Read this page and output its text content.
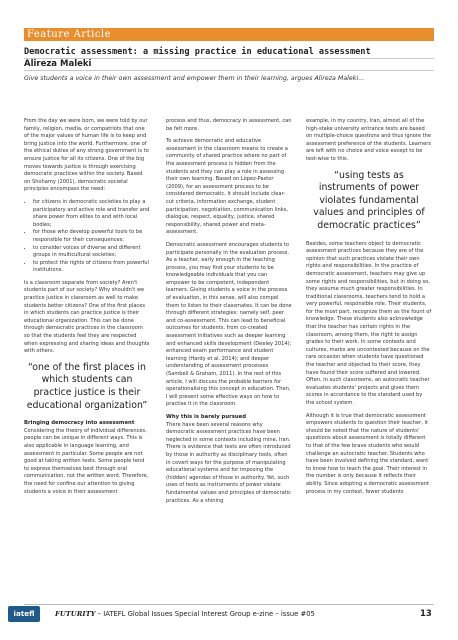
Feature Article
Democratic assessment: a missing practice in educational assessment
Alireza Maleki
Give students a voice in their own assessment and empower them in their learning, argues Alireza Maleki...

From the day we were born, we were told by our family, religion, media, or compatriots that one of the major values of human life is to keep and bring justice into the world. Furthermore, one of the ethical duties of any strong government is to ensure justice for all its citizens. One of the big moves towards justice is through exercising democratic practices within the society. Based on Shohamy (2001), democratic societal principles encompass the need:

• for citizens in democratic societies to play a participatory and active role and transfer and share power from elites to and with local bodies;
• for those who develop powerful tools to be responsible for their consequences;
• to consider voices of diverse and different groups in multicultural societies;
• to protect the rights of citizens from powerful institutions.

Is a classroom separate from society? Aren't students part of our society? Why shouldn't we practice justice in classroom as well to make students better citizens? One of the first places in which students can practice justice is their educational organization. This can be done through democratic practices in the classroom so that the students feel they are respected when expressing and sharing ideas and thoughts with others.

“one of the first places in which students can practice justice is their educational organization”
Bringing democracy into assessment

Considering the theory of individual differences, people can be unique in different ways. This is also applicable in language learning, and assessment in particular. Some people are not good at taking written tests. Some people tend to express themselves best through oral communication, not the written word. Therefore, the need for confine our attention to giving students a voice in their assessment

process and thus, democracy in assessment, can be felt more.

To achieve democratic and educative assessment in the classroom means to create a community of shared practice where no part of the assessment process is hidden from the students and they can play a role in assessing their own learning. Based on López-Pastor (2009), for an assessment process to be considered democratic, it should include clear-cut criteria, information exchange, student participation, negotiation, communication links, dialogue, respect, equality, justice, shared responsibility, shared power and meta-assessment.

Democratic assessment encourages students to participate personally in the evaluation process. As a teacher, early enough in the teaching process, you may find your students to be knowledgeable individuals that you can empower to be competent, independent learners. Giving students a voice in the process of evaluation, in this sense, will also compel them to listen to their classmates. It can be done through different strategies: namely self, peer and co-assessment. This can lead to beneficial outcomes for students, from co-created assessment initiatives such as deeper learning and enhanced skills development (Deeley 2014); enhanced exam performance and student learning (Hardy et al. 2014); and deeper understanding of assessment processes (Sambell & Graham, 2011). In the rest of this article, I will discuss the probable barriers for operationalising this concept in education. Then, I will present some effective ways on how to practise it in the classroom.

Why this is barely pursued

There have been several reasons why democratic assessment practices have been neglected in some contexts including mine, Iran. There is evidence that tests are often introduced by those in authority as disciplinary tools, often in covert ways for the purpose of manipulating educational systems and for imposing the (hidden) agendas of those in authority. Yet, such uses of tests as instruments of power violate fundamental values and principles of democratic practices. As a shining

example, in my country, Iran, almost all of the high-stake university entrance tests are based on multiple-choice questions and thus ignore the assessment preference of the students. Learners are left with no choice and voice except to be test-wise to this.

“using tests as instruments of power violates fundamental values and principles of democratic practices”

Besides, some teachers object to democratic assessment practices because they are of the opinion that such practices violate their own rights and responsibilities. In the practice of democratic assessment, teachers may give up some rights and responsibilities, but in doing so, they assume much greater responsibilities. In traditional classrooms, teachers tend to hold a very powerful, responsible role. Their students, for the most part, recognize them as the fount of knowledge. These students also acknowledge that the teacher has certain rights in the classroom, among them, the right to assign grades to their work. In some contexts and cultures, marks are uncontested because on the rare occasion when students have questioned the teacher and objected to their score, they have found their score suffered and lowered. Often, in such classrooms, an autocratic teacher evaluates students' projects and gives them scores in accordance to the standard used by the school system.

Although it is true that democratic assessment empowers students to question their teacher, it should be noted that the nature of students' questions about assessment is totally different to that of the few brave students who would challenge an autocratic teacher. Students who have been involved defining the standard, want to know how to reach the goal. Their interest in the number is only because it reflects their ability. Since adopting a democratic assessment process in my context, fewer students

iatefl	FUTURITY – IATEFL Global Issues Special Interest Group e-zine – issue #05	13
